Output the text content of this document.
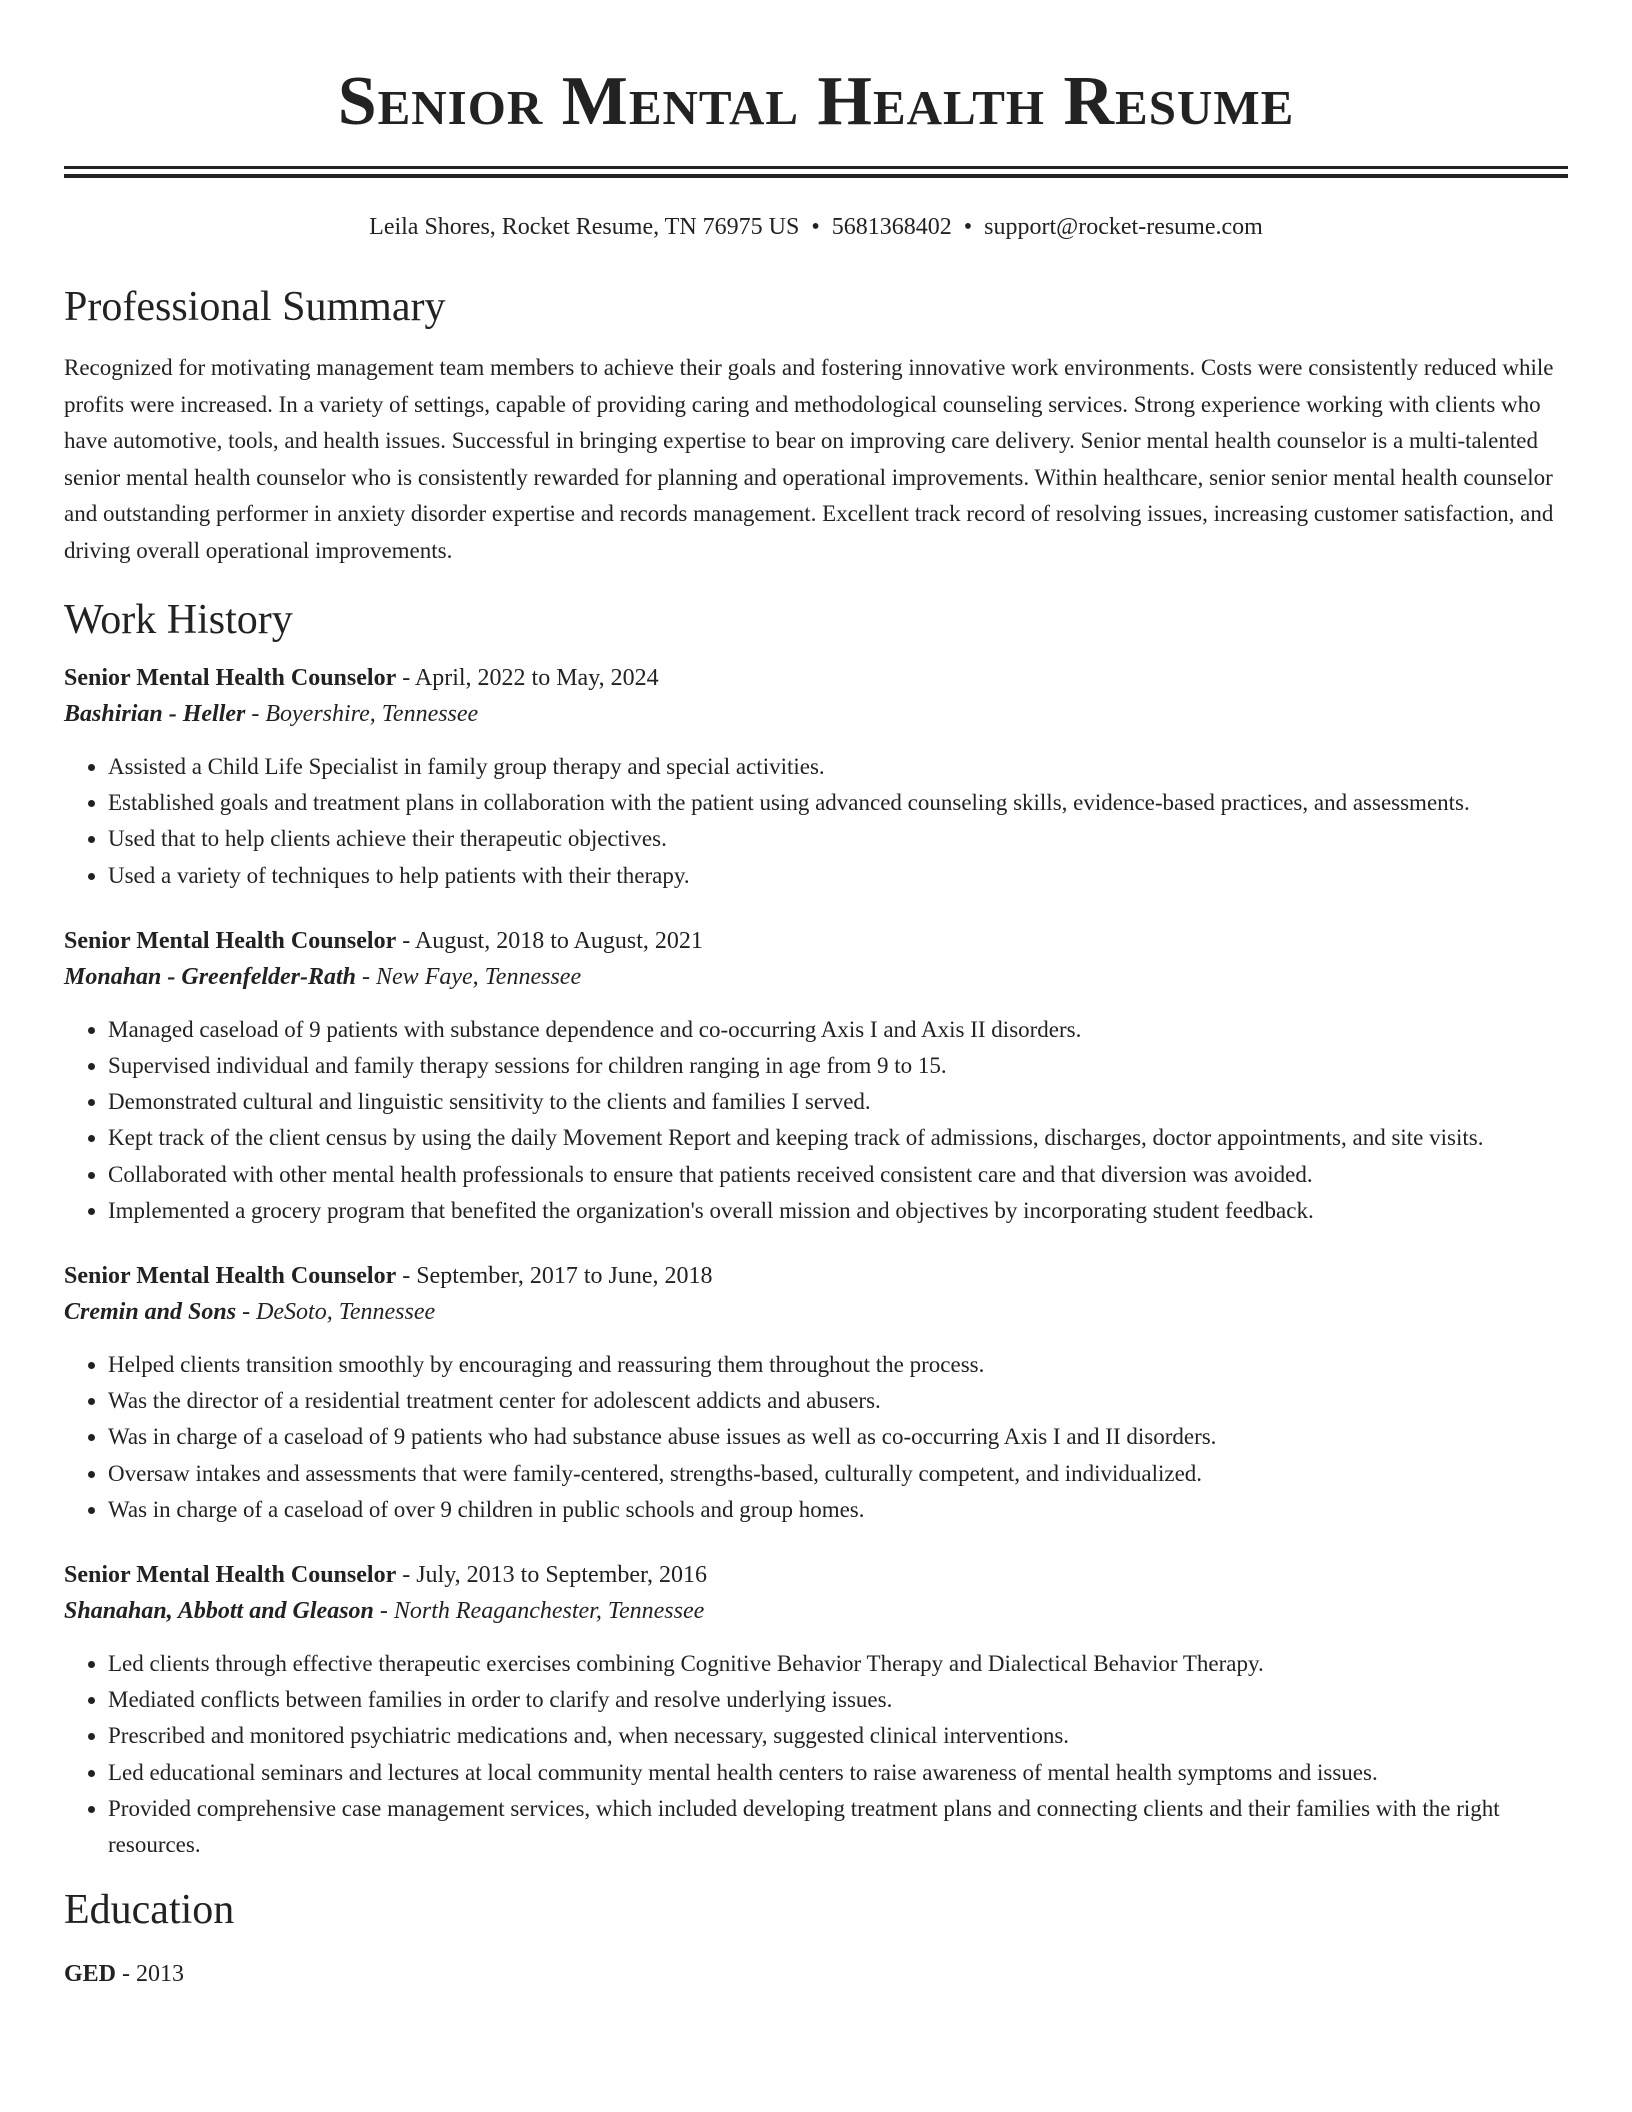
Senior Mental Health Resume
Leila Shores, Rocket Resume, TN 76975 US • 5681368402 • support@rocket-resume.com
Professional Summary
Recognized for motivating management team members to achieve their goals and fostering innovative work environments. Costs were consistently reduced while profits were increased. In a variety of settings, capable of providing caring and methodological counseling services. Strong experience working with clients who have automotive, tools, and health issues. Successful in bringing expertise to bear on improving care delivery. Senior mental health counselor is a multi-talented senior mental health counselor who is consistently rewarded for planning and operational improvements. Within healthcare, senior senior mental health counselor and outstanding performer in anxiety disorder expertise and records management. Excellent track record of resolving issues, increasing customer satisfaction, and driving overall operational improvements.
Work History
Senior Mental Health Counselor - April, 2022 to May, 2024
Bashirian - Heller - Boyershire, Tennessee
• Assisted a Child Life Specialist in family group therapy and special activities.
• Established goals and treatment plans in collaboration with the patient using advanced counseling skills, evidence-based practices, and assessments.
• Used that to help clients achieve their therapeutic objectives.
• Used a variety of techniques to help patients with their therapy.
Senior Mental Health Counselor - August, 2018 to August, 2021
Monahan - Greenfelder-Rath - New Faye, Tennessee
• Managed caseload of 9 patients with substance dependence and co-occurring Axis I and Axis II disorders.
• Supervised individual and family therapy sessions for children ranging in age from 9 to 15.
• Demonstrated cultural and linguistic sensitivity to the clients and families I served.
• Kept track of the client census by using the daily Movement Report and keeping track of admissions, discharges, doctor appointments, and site visits.
• Collaborated with other mental health professionals to ensure that patients received consistent care and that diversion was avoided.
• Implemented a grocery program that benefited the organization's overall mission and objectives by incorporating student feedback.
Senior Mental Health Counselor - September, 2017 to June, 2018
Cremin and Sons - DeSoto, Tennessee
• Helped clients transition smoothly by encouraging and reassuring them throughout the process.
• Was the director of a residential treatment center for adolescent addicts and abusers.
• Was in charge of a caseload of 9 patients who had substance abuse issues as well as co-occurring Axis I and II disorders.
• Oversaw intakes and assessments that were family-centered, strengths-based, culturally competent, and individualized.
• Was in charge of a caseload of over 9 children in public schools and group homes.
Senior Mental Health Counselor - July, 2013 to September, 2016
Shanahan, Abbott and Gleason - North Reaganchester, Tennessee
• Led clients through effective therapeutic exercises combining Cognitive Behavior Therapy and Dialectical Behavior Therapy.
• Mediated conflicts between families in order to clarify and resolve underlying issues.
• Prescribed and monitored psychiatric medications and, when necessary, suggested clinical interventions.
• Led educational seminars and lectures at local community mental health centers to raise awareness of mental health symptoms and issues.
• Provided comprehensive case management services, which included developing treatment plans and connecting clients and their families with the right resources.
Education
GED - 2013
